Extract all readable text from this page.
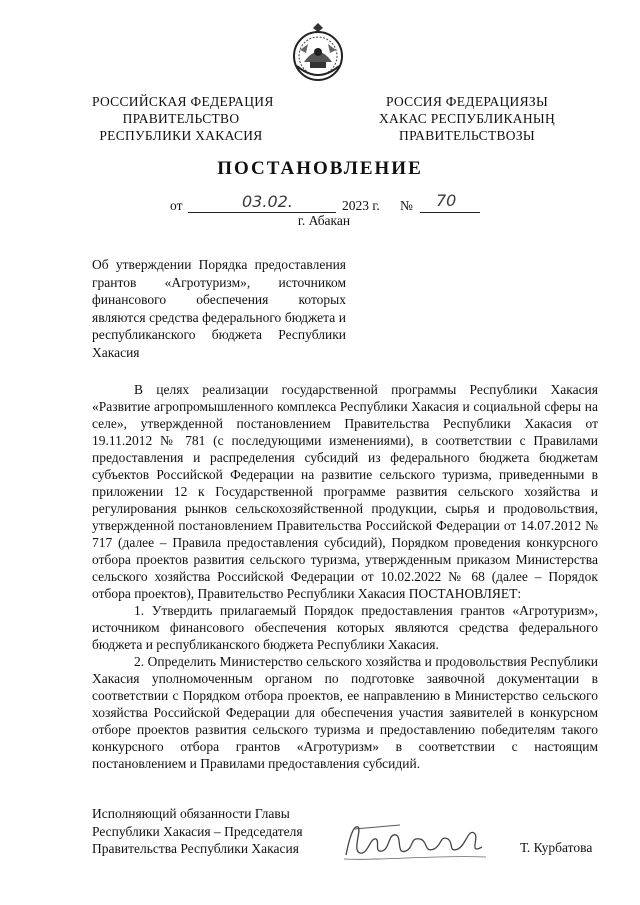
РОССИЙСКАЯ ФЕДЕРАЦИЯ
ПРАВИТЕЛЬСТВО
РЕСПУБЛИКИ ХАКАСИЯ
РОССИЯ ФЕДЕРАЦИЯЗЫ
ХАКАС РЕСПУБЛИКАНЫҢ
ПРАВИТЕЛЬСТВОЗЫ
ПОСТАНОВЛЕНИЕ
от	03.02.	2023 г. № 70
г. Абакан

Об утверждении Порядка предоставления грантов «Агротуризм», источником финансового обеспечения которых являются средства федерального бюджета и республиканского бюджета Республики Хакасия

В целях реализации государственной программы Республики Хакасия «Развитие агропромышленного комплекса Республики Хакасия и социальной сферы на селе», утвержденной постановлением Правительства Республики Хакасия от 19.11.2012 № 781 (с последующими изменениями), в соответствии с Правилами предоставления и распределения субсидий из федерального бюджета бюджетам субъектов Российской Федерации на развитие сельского туризма, приведенными в приложении 12 к Государственной программе развития сельского хозяйства и регулирования рынков сельскохозяйственной продукции, сырья и продовольствия, утвержденной постановлением Правительства Российской Федерации от 14.07.2012 № 717 (далее – Правила предоставления субсидий), Порядком проведения конкурсного отбора проектов развития сельского туризма, утвержденным приказом Министерства сельского хозяйства Российской Федерации от 10.02.2022 № 68 (далее – Порядок отбора проектов), Правительство Республики Хакасия ПОСТАНОВЛЯЕТ:

1. Утвердить прилагаемый Порядок предоставления грантов «Агротуризм», источником финансового обеспечения которых являются средства федерального бюджета и республиканского бюджета Республики Хакасия.

2. Определить Министерство сельского хозяйства и продовольствия Республики Хакасия уполномоченным органом по подготовке заявочной документации в соответствии с Порядком отбора проектов, ее направлению в Министерство сельского хозяйства Российской Федерации для обеспечения участия заявителей в конкурсном отборе проектов развития сельского туризма и предоставлению победителям такого конкурсного отбора грантов «Агротуризм» в соответствии с настоящим постановлением и Правилами предоставления субсидий.

Исполняющий обязанности Главы
Республики Хакасия – Председателя
Правительства Республики Хакасия	Т. Курбатова
